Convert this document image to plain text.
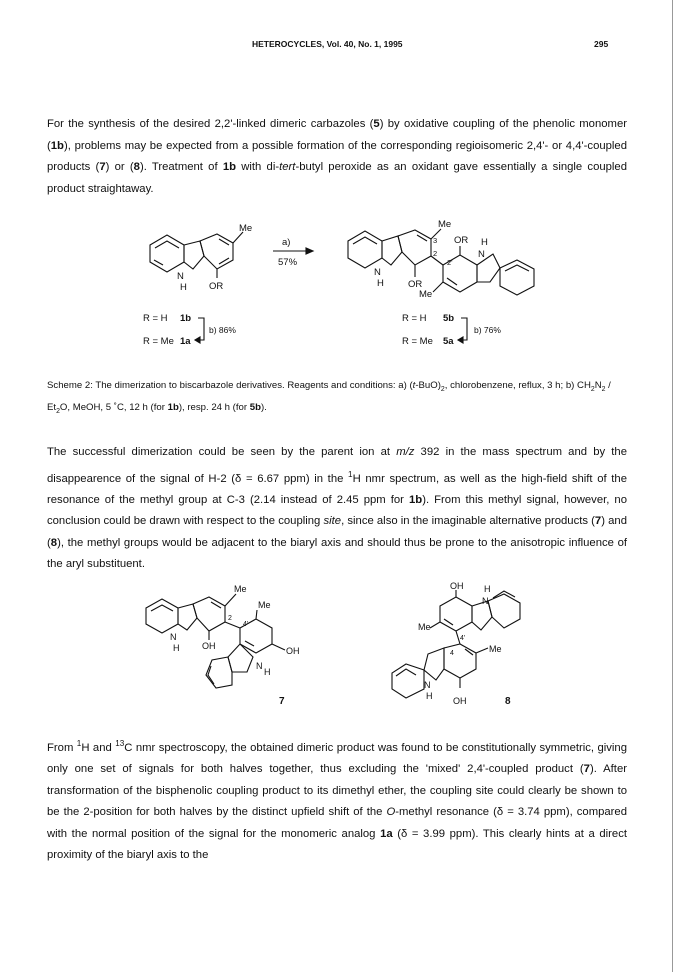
HETEROCYCLES, Vol. 40, No. 1, 1995	295

For the synthesis of the desired 2,2'-linked dimeric carbazoles (5) by oxidative coupling of the phenolic monomer (1b), problems may be expected from a possible formation of the corresponding regioisomeric 2,4'- or 4,4'-coupled products (7) or (8). Treatment of 1b with di-tert-butyl peroxide as an oxidant gave essentially a single coupled product straightaway.

Me
N
H OR
a)
57%
Me
3
2
2'
OR H
N
N
H	OR
Me
R = H 1b
R = Me 1a
b) 86%
R = H 5b
R = Me 5a
b) 76%

Scheme 2: The dimerization to biscarbazole derivatives. Reagents and conditions: a) $(t-BuO)_2$, chlorobenzene, reflux, 3 h; b) $CH_2N_2 / Et_2O$, MeOH, 5 ˚C, 12 h (for 1b), resp. 24 h (for 5b).

The successful dimerization could be seen by the parent ion at m/z 392 in the mass spectrum and by the disappearence of the signal of H-2 (δ = 6.67 ppm) in the $^1$H nmr spectrum, as well as the high-field shift of the resonance of the methyl group at C-3 (2.14 instead of 2.45 ppm for 1b). From this methyl signal, however, no conclusion could be drawn with respect to the coupling site, since also in the imaginable alternative products (7) and (8), the methyl groups would be adjacent to the biaryl axis and should thus be prone to the anisotropic influence of the aryl substituent.

Me
Me
2
4'
N
H	OH	OH
N
H
7
OH H
N
Me
4'
4	Me
N
H OH	8

From $^1$H and $^{13}$C nmr spectroscopy, the obtained dimeric product was found to be constitutionally symmetric, giving only one set of signals for both halves together, thus excluding the 'mixed' 2,4'-coupled product (7). After transformation of the bisphenolic coupling product to its dimethyl ether, the coupling site could clearly be shown to be the 2-position for both halves by the distinct upfield shift of the O-methyl resonance (δ = 3.74 ppm), compared with the normal position of the signal for the monomeric analog 1a (δ = 3.99 ppm). This clearly hints at a direct proximity of the biaryl axis to the
